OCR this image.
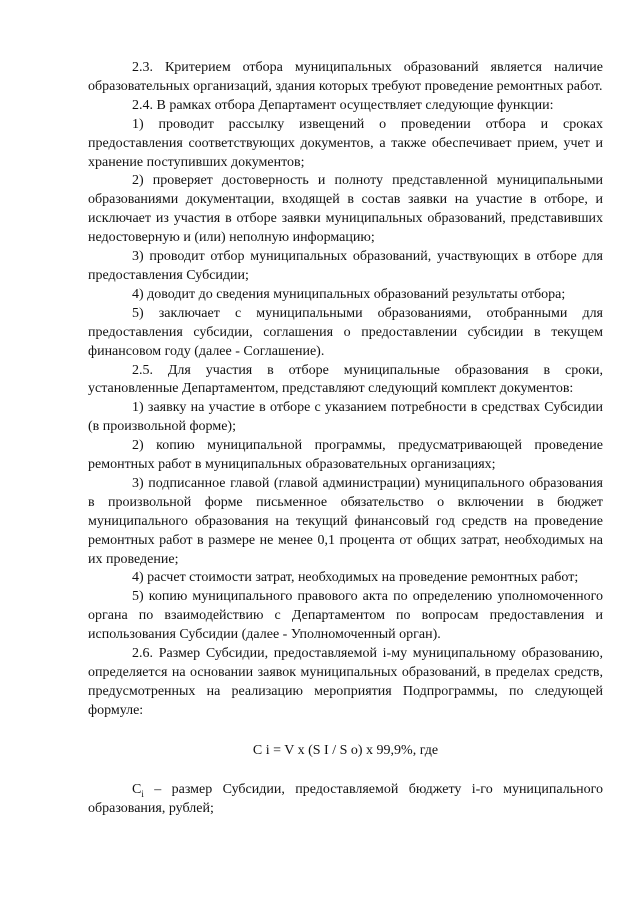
2.3. Критерием отбора муниципальных образований является наличие образовательных организаций, здания которых требуют проведение ремонтных работ.

2.4. В рамках отбора Департамент осуществляет следующие функции:

1) проводит рассылку извещений о проведении отбора и сроках предоставления соответствующих документов, а также обеспечивает прием, учет и хранение поступивших документов;

2) проверяет достоверность и полноту представленной муниципальными образованиями документации, входящей в состав заявки на участие в отборе, и исключает из участия в отборе заявки муниципальных образований, представивших недостоверную и (или) неполную информацию;

3) проводит отбор муниципальных образований, участвующих в отборе для предоставления Субсидии;

4) доводит до сведения муниципальных образований результаты отбора;

5) заключает с муниципальными образованиями, отобранными для предоставления субсидии, соглашения о предоставлении субсидии в текущем финансовом году (далее - Соглашение).

2.5. Для участия в отборе муниципальные образования в сроки, установленные Департаментом, представляют следующий комплект документов:

1) заявку на участие в отборе с указанием потребности в средствах Субсидии (в произвольной форме);

2) копию муниципальной программы, предусматривающей проведение ремонтных работ в муниципальных образовательных организациях;

3) подписанное главой (главой администрации) муниципального образования в произвольной форме письменное обязательство о включении в бюджет муниципального образования на текущий финансовый год средств на проведение ремонтных работ в размере не менее 0,1 процента от общих затрат, необходимых на их проведение;

4) расчет стоимости затрат, необходимых на проведение ремонтных работ;

5) копию муниципального правового акта по определению уполномоченного органа по взаимодействию с Департаментом по вопросам предоставления и использования Субсидии (далее - Уполномоченный орган).

2.6. Размер Субсидии, предоставляемой i-му муниципальному образованию, определяется на основании заявок муниципальных образований, в пределах средств, предусмотренных на реализацию мероприятия Подпрограммы, по следующей формуле:

C i = V x (S I / S o) x 99,9%, где

$C_i$ – размер Субсидии, предоставляемой бюджету i-го муниципального образования, рублей;
